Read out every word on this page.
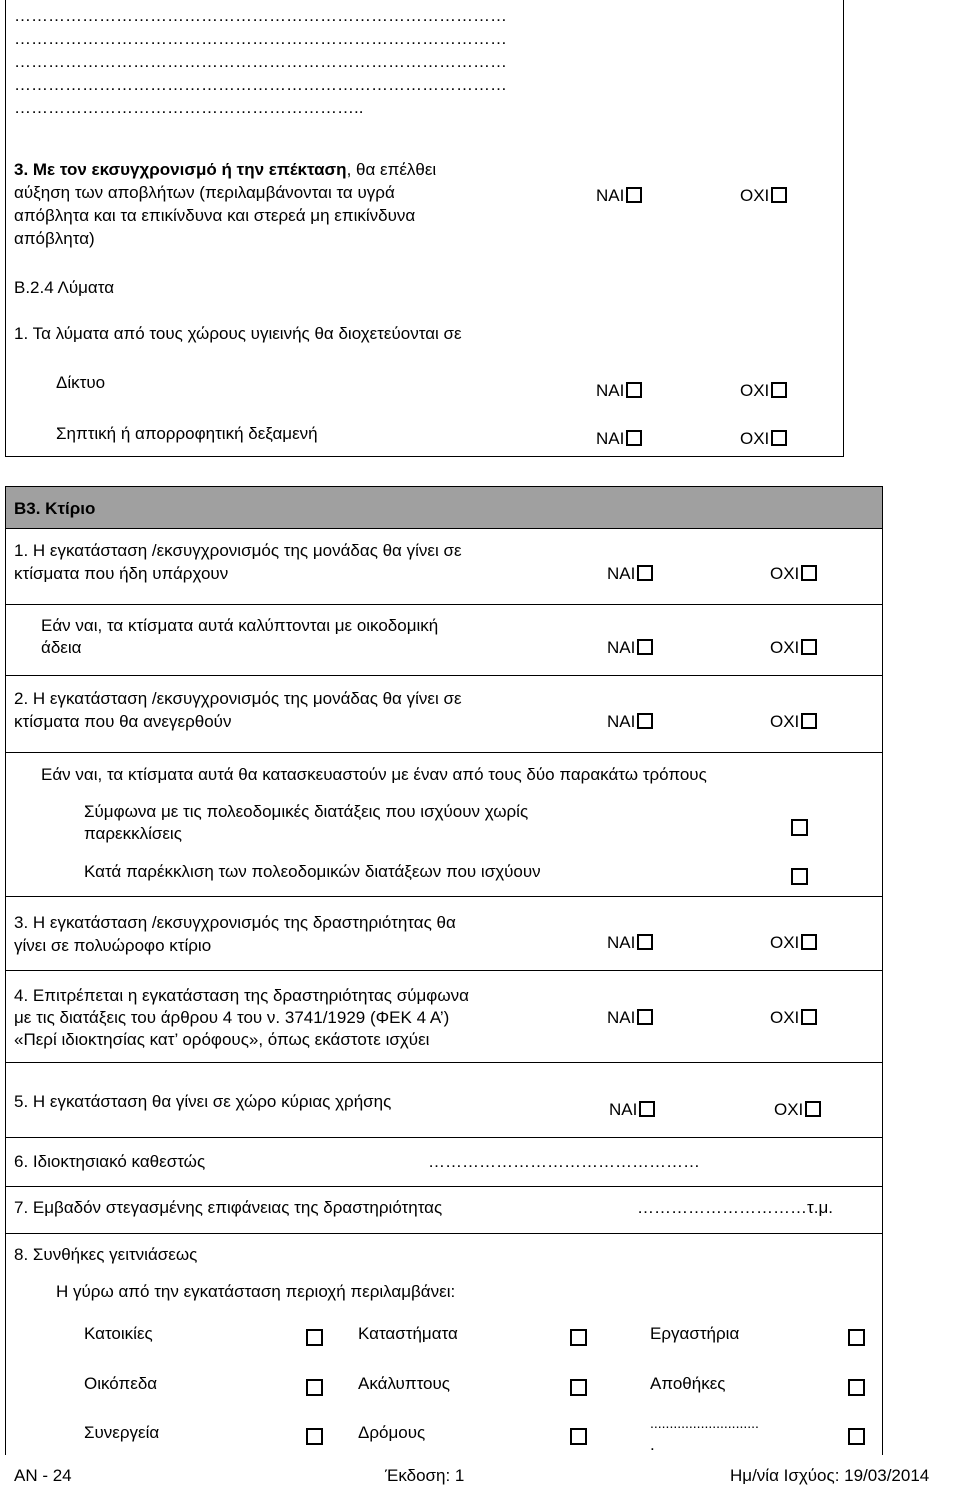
……………………………………………………………………………
……………………………………………………………………………
……………………………………………………………………………
……………………………………………………………………………
……………………………………………………..
3. Με τον εκσυγχρονισμό ή την επέκταση, θα επέλθει
αύξηση των αποβλήτων (περιλαμβάνονται τα υγρά
απόβλητα και τα επικίνδυνα και στερεά μη επικίνδυνα
απόβλητα)
ΝΑΙ	ΟΧΙ
Β.2.4 Λύματα
1. Τα λύματα από τους χώρους υγιεινής θα διοχετεύονται σε
Δίκτυο	ΝΑΙ	ΟΧΙ
Σηπτική ή απορροφητική δεξαμενή	ΝΑΙ	ΟΧΙ
Β3. Κτίριο
1. Η εγκατάσταση /εκσυγχρονισμός της μονάδας θα γίνει σε
κτίσματα που ήδη υπάρχουν	ΝΑΙ	ΟΧΙ
Εάν ναι, τα κτίσματα αυτά καλύπτονται με οικοδομική
άδεια	ΝΑΙ	ΟΧΙ
2. Η εγκατάσταση /εκσυγχρονισμός της μονάδας θα γίνει σε
κτίσματα που θα ανεγερθούν	ΝΑΙ	ΟΧΙ
Εάν ναι, τα κτίσματα αυτά θα κατασκευαστούν με έναν από τους δύο παρακάτω τρόπους
Σύμφωνα με τις πολεοδομικές διατάξεις που ισχύουν χωρίς
παρεκκλίσεις
Κατά παρέκκλιση των πολεοδομικών διατάξεων που ισχύουν
3. Η εγκατάσταση /εκσυγχρονισμός της δραστηριότητας θα
γίνει σε πολυώροφο κτίριο	ΝΑΙ	ΟΧΙ
4. Επιτρέπεται η εγκατάσταση της δραστηριότητας σύμφωνα
με τις διατάξεις του άρθρου 4 του ν. 3741/1929 (ΦΕΚ 4 Α’)
«Περί ιδιοκτησίας κατ’ ορόφους», όπως εκάστοτε ισχύει
ΝΑΙ	ΟΧΙ
5. Η εγκατάσταση θα γίνει σε χώρο κύριας χρήσης	ΝΑΙ	ΟΧΙ
6. Ιδιοκτησιακό καθεστώς	…………………………………………
7. Εμβαδόν στεγασμένης επιφάνειας της δραστηριότητας	…………………………τ.μ.
8. Συνθήκες γειτνιάσεως
Η γύρω από την εγκατάσταση περιοχή περιλαμβάνει:
Κατοικίες	Καταστήματα	Εργαστήρια
Οικόπεδα	Ακάλυπτους	Αποθήκες
Συνεργεία	Δρόμους	............................
.
ΑΝ - 24	Έκδοση: 1	Ημ/νία Ισχύος: 19/03/2014
